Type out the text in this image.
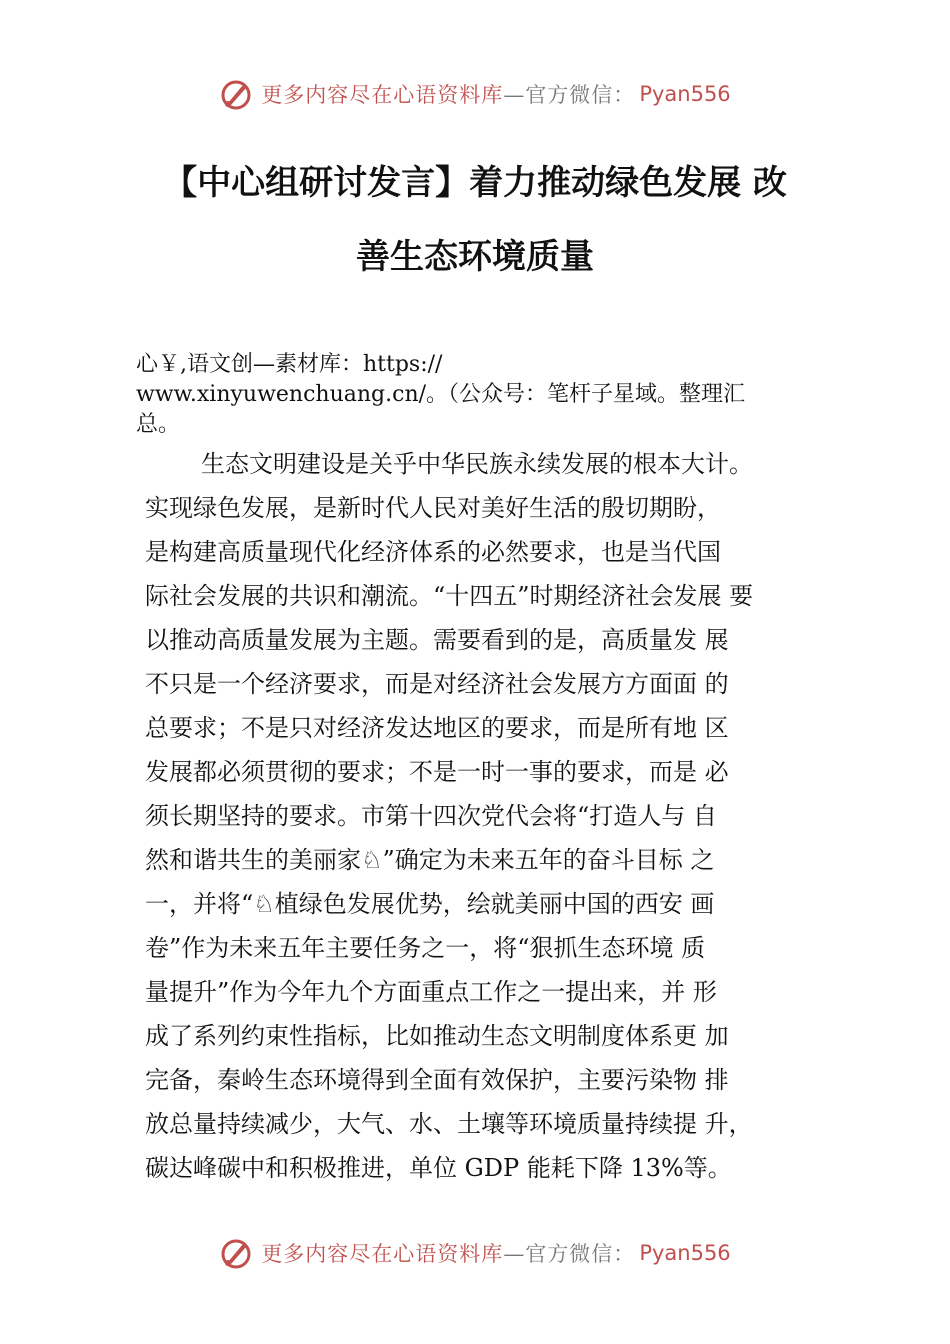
更多内容尽在心语资料库 —官方微信： Pyan556
【中心组研讨发言】着力推动绿色发展 改
善生态环境质量
心￥,语文创—素材库：https://
www.xinyuwenchuang.cn/。（公众号：笔杆子星域。整理汇
总。
生态文明建设是关乎中华民族永续发展的根本大计。
实现绿色发展，是新时代人民对美好生活的殷切期盼，
是构建高质量现代化经济体系的必然要求，也是当代国
际社会发展的共识和潮流。“十四五”时期经济社会发展 要
以推动高质量发展为主题。需要看到的是，高质量发 展
不只是一个经济要求，而是对经济社会发展方方面面 的
总要求；不是只对经济发达地区的要求，而是所有地 区
发展都必须贯彻的要求；不是一时一事的要求，而是 必
须长期坚持的要求。市第十四次党代会将“打造人与 自
然和谐共生的美丽家♘”确定为未来五年的奋斗目标 之
一，并将“♘植绿色发展优势，绘就美丽中国的西安 画
卷”作为未来五年主要任务之一，将“狠抓生态环境 质
量提升”作为今年九个方面重点工作之一提出来，并 形
成了系列约束性指标，比如推动生态文明制度体系更 加
完备，秦岭生态环境得到全面有效保护，主要污染物 排
放总量持续减少，大气、水、土壤等环境质量持续提 升，
碳达峰碳中和积极推进，单位 GDP 能耗下降 13%等。
更多内容尽在心语资料库 —官方微信： Pyan556
